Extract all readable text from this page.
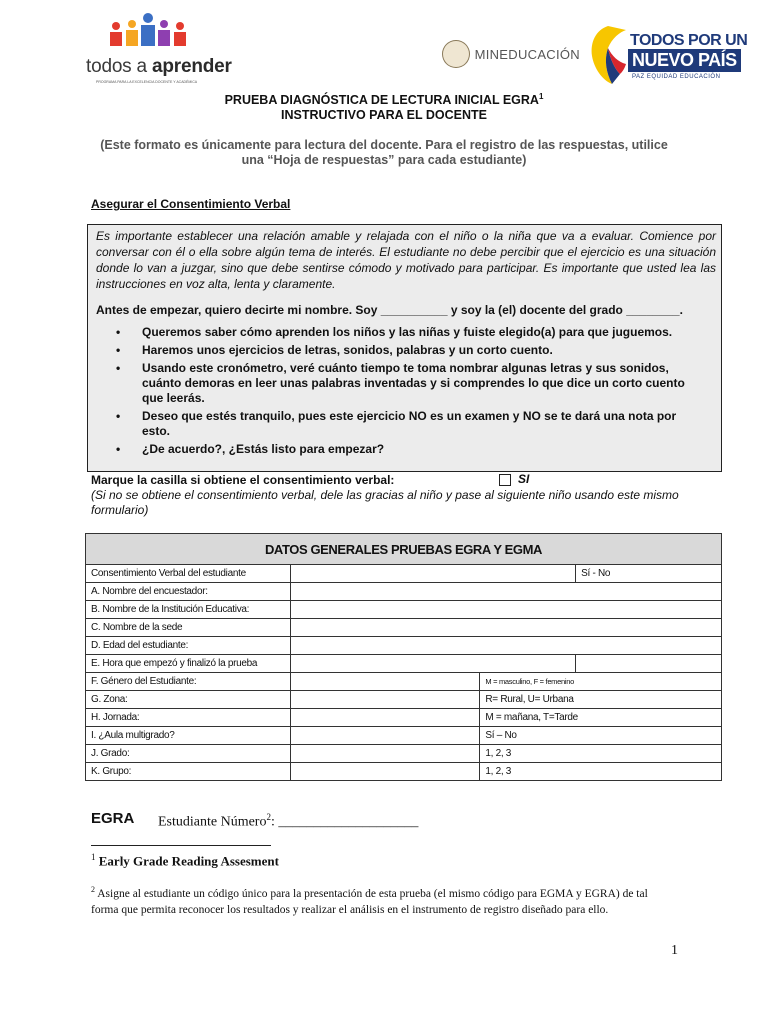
todos a aprender
PROGRAMA PARA LA EXCELENCIA DOCENTE Y ACADÉMICA
MINEDUCACIÓN
TODOS POR UN
NUEVO PAÍS
PAZ EQUIDAD EDUCACIÓN
PRUEBA DIAGNÓSTICA DE LECTURA INICIAL EGRA$^1$
INSTRUCTIVO PARA EL DOCENTE
(Este formato es únicamente para lectura del docente. Para el registro de las respuestas, utilice una “Hoja de respuestas” para cada estudiante)
Asegurar el Consentimiento Verbal
Es importante establecer una relación amable y relajada con el niño o la niña que va a evaluar. Comience por conversar con él o ella sobre algún tema de interés. El estudiante no debe percibir que el ejercicio es una situación donde lo van a juzgar, sino que debe sentirse cómodo y motivado para participar. Es importante que usted lea las instrucciones en voz alta, lenta y claramente.
Antes de empezar, quiero decirte mi nombre. Soy __________ y soy la (el) docente del grado ________.
• Queremos saber cómo aprenden los niños y las niñas y fuiste elegido(a) para que juguemos.
• Haremos unos ejercicios de letras, sonidos, palabras y un corto cuento.
• Usando este cronómetro, veré cuánto tiempo te toma nombrar algunas letras y sus sonidos, cuánto demoras en leer unas palabras inventadas y si comprendes lo que dice un corto cuento que leerás.
• Deseo que estés tranquilo, pues este ejercicio NO es un examen y NO se te dará una nota por esto.
• ¿De acuerdo?, ¿Estás listo para empezar?
Marque la casilla si obtiene el consentimiento verbal:	SI
(Si no se obtiene el consentimiento verbal, dele las gracias al niño y pase al siguiente niño usando este mismo formulario)
DATOS GENERALES PRUEBAS EGRA Y EGMA			
Consentimiento Verbal del estudiante			Sí - No
A. Nombre del encuestador:			
B. Nombre de la Institución Educativa:			
C. Nombre de la sede			
D. Edad del estudiante:			
E. Hora que empezó y finalizó la prueba			
F. Género del Estudiante:		M = masculino, F = femenino	
G. Zona:		R= Rural, U= Urbana	
H. Jornada:		M = mañana, T=Tarde	
I. ¿Aula multigrado?		Sí – No	
J. Grado:		1, 2, 3	
K. Grupo:		1, 2, 3	
EGRA Estudiante Número$^2$: ____________________
$^1$ Early Grade Reading Assesment
$^2$ Asigne al estudiante un código único para la presentación de esta prueba (el mismo código para EGMA y EGRA) de tal forma que permita reconocer los resultados y realizar el análisis en el instrumento de registro diseñado para ello.
1
